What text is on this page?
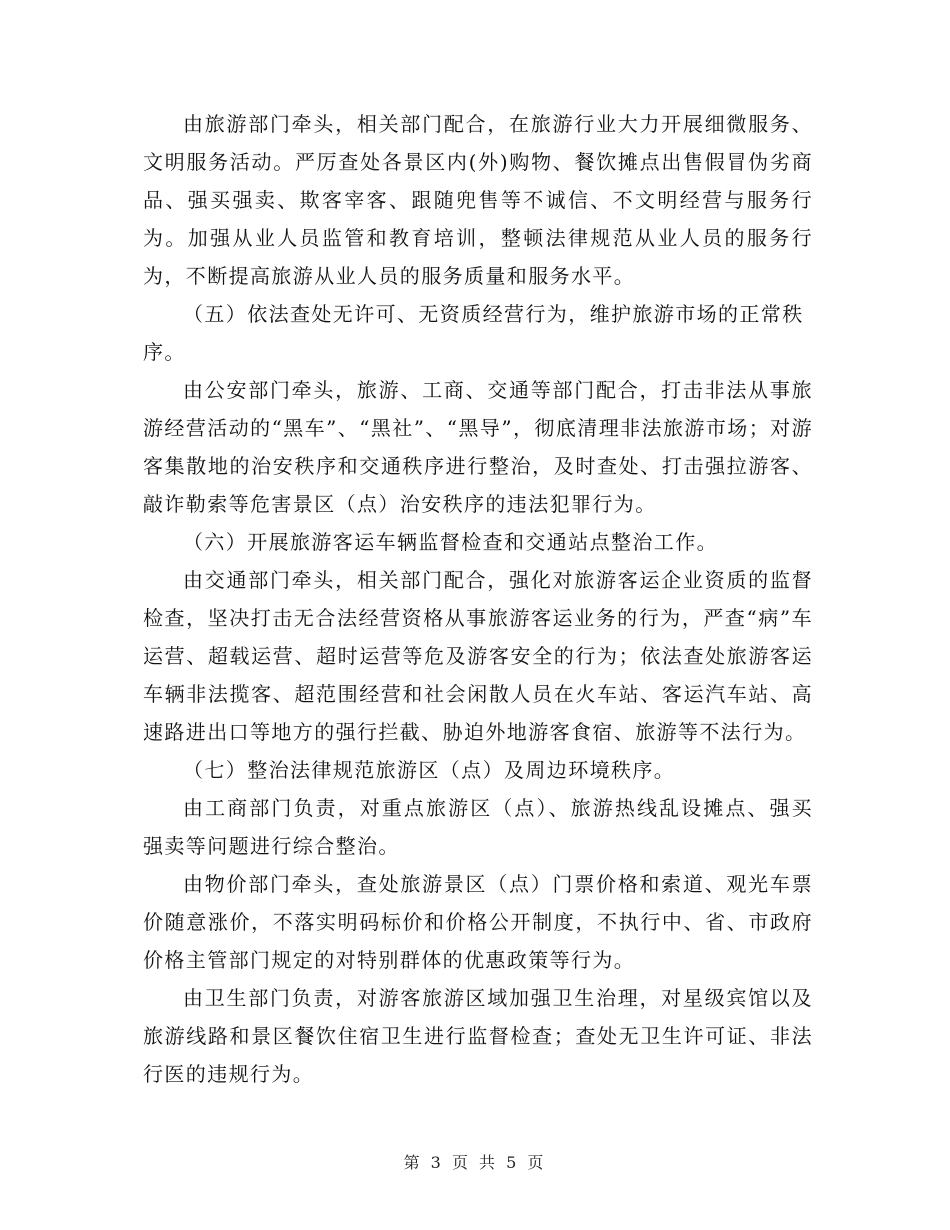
由旅游部门牵头，相关部门配合，在旅游行业大力开展细微服务、文明服务活动。严厉查处各景区内(外)购物、餐饮摊点出售假冒伪劣商品、强买强卖、欺客宰客、跟随兜售等不诚信、不文明经营与服务行为。加强从业人员监管和教育培训，整顿法律规范从业人员的服务行为，不断提高旅游从业人员的服务质量和服务水平。

（五）依法查处无许可、无资质经营行为，维护旅游市场的正常秩序。

由公安部门牵头，旅游、工商、交通等部门配合，打击非法从事旅游经营活动的“黑车”、“黑社”、“黑导”，彻底清理非法旅游市场；对游客集散地的治安秩序和交通秩序进行整治，及时查处、打击强拉游客、敲诈勒索等危害景区（点）治安秩序的违法犯罪行为。

（六）开展旅游客运车辆监督检查和交通站点整治工作。

由交通部门牵头，相关部门配合，强化对旅游客运企业资质的监督检查，坚决打击无合法经营资格从事旅游客运业务的行为，严查“病”车运营、超载运营、超时运营等危及游客安全的行为；依法查处旅游客运车辆非法揽客、超范围经营和社会闲散人员在火车站、客运汽车站、高速路进出口等地方的强行拦截、胁迫外地游客食宿、旅游等不法行为。

（七）整治法律规范旅游区（点）及周边环境秩序。

由工商部门负责，对重点旅游区（点）、旅游热线乱设摊点、强买强卖等问题进行综合整治。

由物价部门牵头，查处旅游景区（点）门票价格和索道、观光车票价随意涨价，不落实明码标价和价格公开制度，不执行中、省、市政府价格主管部门规定的对特别群体的优惠政策等行为。

由卫生部门负责，对游客旅游区域加强卫生治理，对星级宾馆以及旅游线路和景区餐饮住宿卫生进行监督检查；查处无卫生许可证、非法行医的违规行为。

第 3 页 共 5 页
